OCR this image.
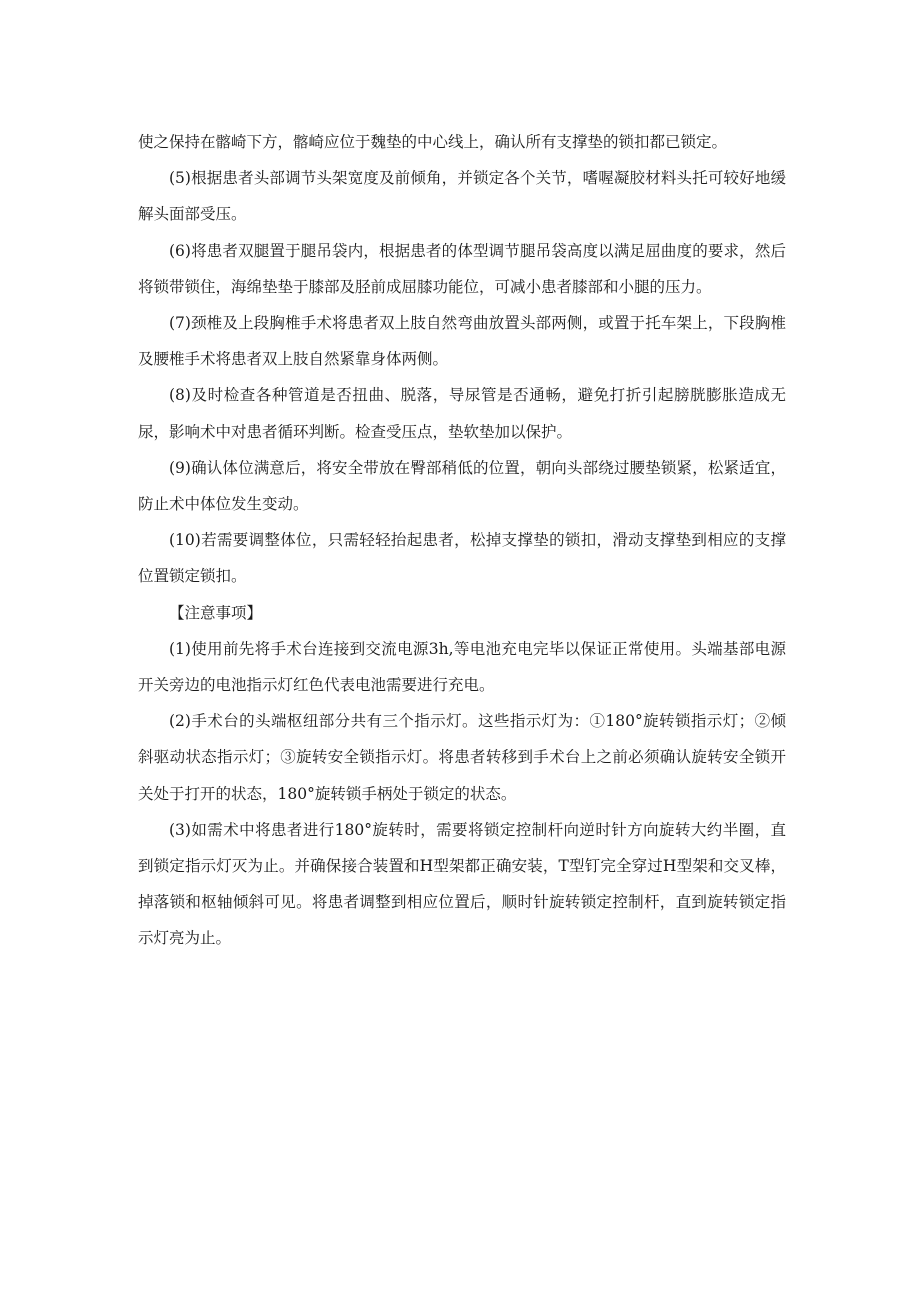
使之保持在髂崎下方，髂崎应位于魏垫的中心线上，确认所有支撑垫的锁扣都已锁定。

(5)根据患者头部调节头架宽度及前倾角，并锁定各个关节，嗜喔凝胶材料头托可较好地缓解头面部受压。

(6)将患者双腿置于腿吊袋内，根据患者的体型调节腿吊袋高度以满足屈曲度的要求，然后将锁带锁住，海绵垫垫于膝部及胫前成屈膝功能位，可减小患者膝部和小腿的压力。

(7)颈椎及上段胸椎手术将患者双上肢自然弯曲放置头部两侧，或置于托车架上，下段胸椎及腰椎手术将患者双上肢自然紧靠身体两侧。

(8)及时检查各种管道是否扭曲、脱落，导尿管是否通畅，避免打折引起膀胱膨胀造成无尿，影响术中对患者循环判断。检查受压点，垫软垫加以保护。

(9)确认体位满意后，将安全带放在臀部稍低的位置，朝向头部绕过腰垫锁紧，松紧适宜，防止术中体位发生变动。

(10)若需要调整体位，只需轻轻抬起患者，松掉支撑垫的锁扣，滑动支撑垫到相应的支撑位置锁定锁扣。

【注意事项】

(1)使用前先将手术台连接到交流电源3h,等电池充电完毕以保证正常使用。头端基部电源开关旁边的电池指示灯红色代表电池需要进行充电。

(2)手术台的头端枢纽部分共有三个指示灯。这些指示灯为：①180°旋转锁指示灯；②倾斜驱动状态指示灯；③旋转安全锁指示灯。将患者转移到手术台上之前必须确认旋转安全锁开关处于打开的状态，180°旋转锁手柄处于锁定的状态。

(3)如需术中将患者进行180°旋转时，需要将锁定控制杆向逆时针方向旋转大约半圈，直到锁定指示灯灭为止。并确保接合装置和H型架都正确安装，T型钉完全穿过H型架和交叉棒，掉落锁和枢轴倾斜可见。将患者调整到相应位置后，顺时针旋转锁定控制杆，直到旋转锁定指示灯亮为止。
